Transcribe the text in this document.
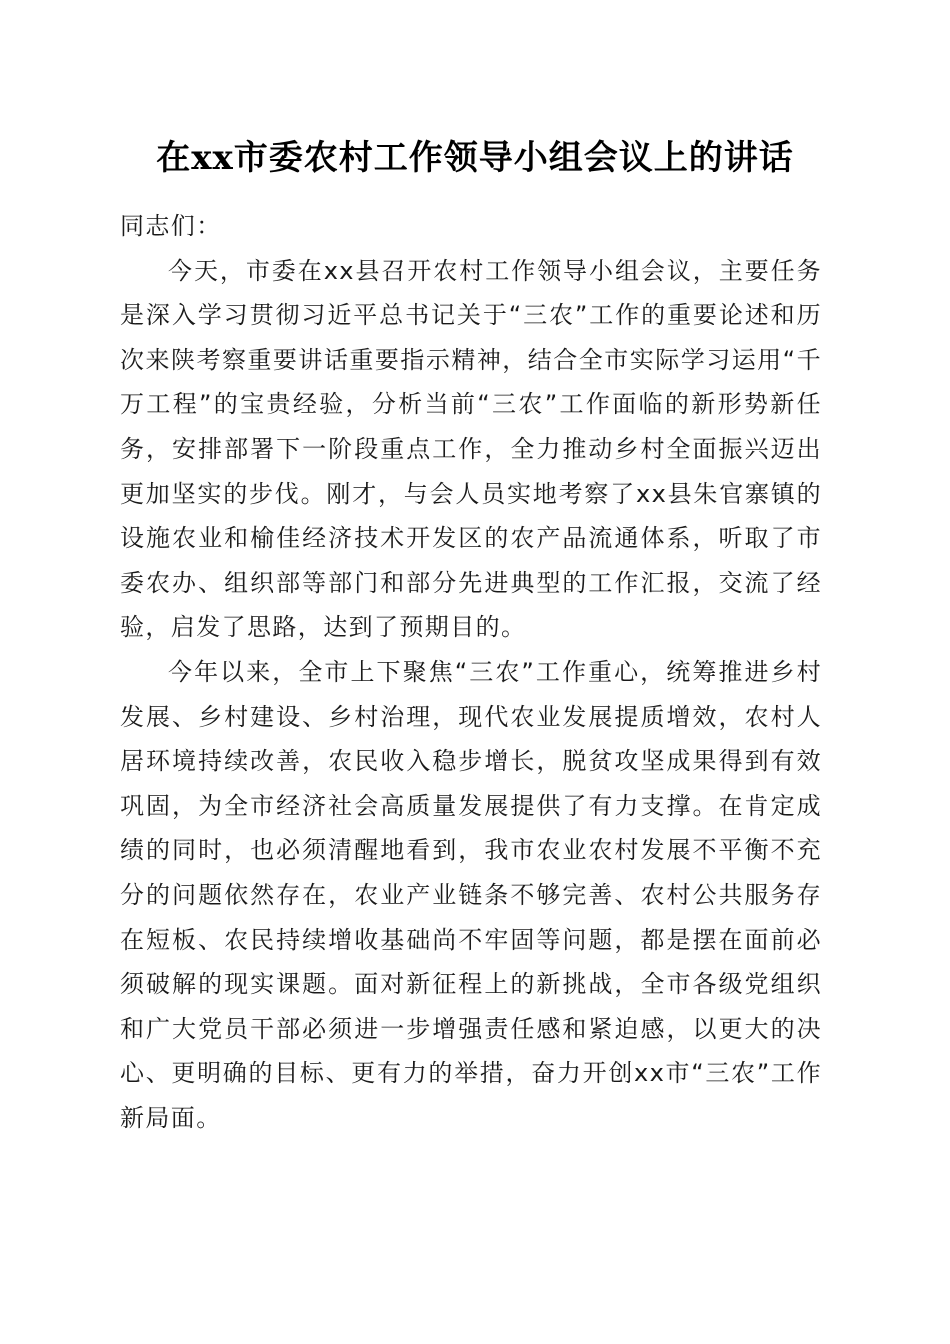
在xx市委农村工作领导小组会议上的讲话

同志们：

今天，市委在xx县召开农村工作领导小组会议，主要任务是深入学习贯彻习近平总书记关于“三农”工作的重要论述和历次来陕考察重要讲话重要指示精神，结合全市实际学习运用“千万工程”的宝贵经验，分析当前“三农”工作面临的新形势新任务，安排部署下一阶段重点工作，全力推动乡村全面振兴迈出更加坚实的步伐。刚才，与会人员实地考察了xx县朱官寨镇的设施农业和榆佳经济技术开发区的农产品流通体系，听取了市委农办、组织部等部门和部分先进典型的工作汇报，交流了经验，启发了思路，达到了预期目的。

今年以来，全市上下聚焦“三农”工作重心，统筹推进乡村发展、乡村建设、乡村治理，现代农业发展提质增效，农村人居环境持续改善，农民收入稳步增长，脱贫攻坚成果得到有效巩固，为全市经济社会高质量发展提供了有力支撑。在肯定成绩的同时，也必须清醒地看到，我市农业农村发展不平衡不充分的问题依然存在，农业产业链条不够完善、农村公共服务存在短板、农民持续增收基础尚不牢固等问题，都是摆在面前必须破解的现实课题。面对新征程上的新挑战，全市各级党组织和广大党员干部必须进一步增强责任感和紧迫感，以更大的决心、更明确的目标、更有力的举措，奋力开创xx市“三农”工作新局面。
